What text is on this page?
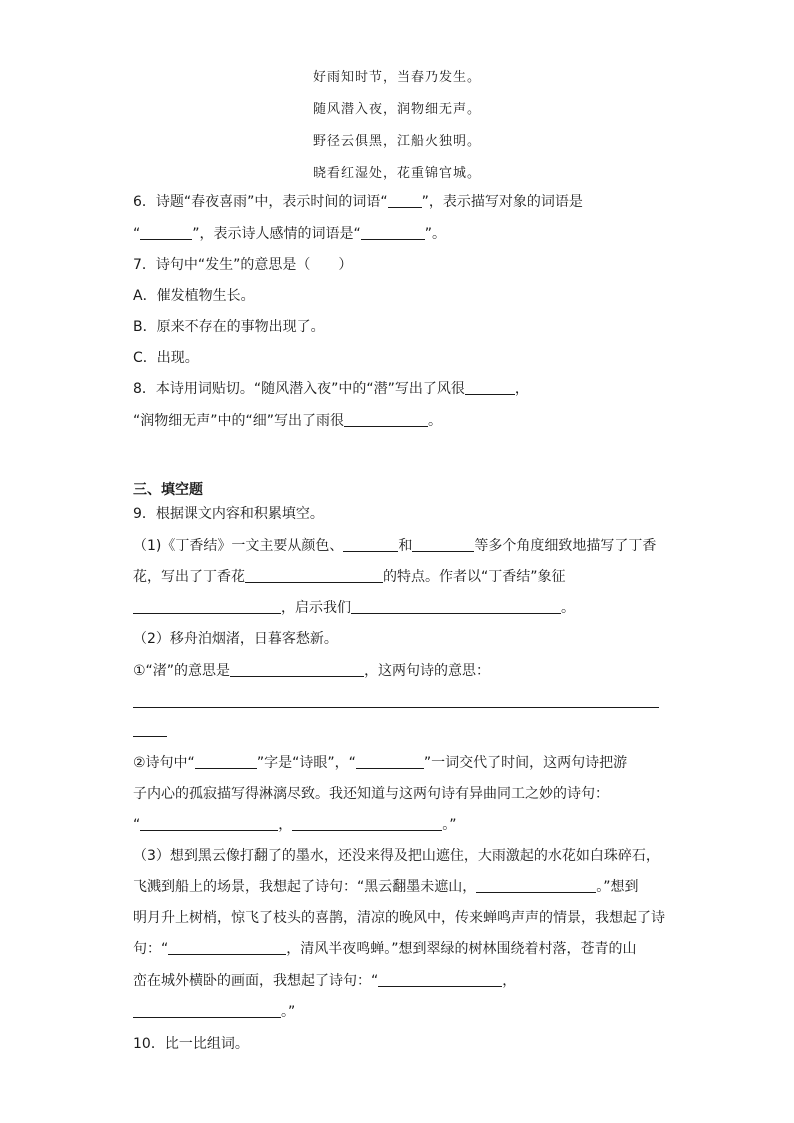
好雨知时节，当春乃发生。
随风潜入夜，润物细无声。
野径云俱黑，江船火独明。
晓看红湿处，花重锦官城。
6．诗题“春夜喜雨”中，表示时间的词语“ ”，表示描写对象的词语是
“	”，表示诗人感情的词语是“	”。
7．诗句中“发生”的意思是（　　）
A．催发植物生长。
B．原来不存在的事物出现了。
C．出现。
8．本诗用词贴切。“随风潜入夜”中的“潜”写出了风很	，
“润物细无声”中的“细”写出了雨很	。
三、填空题
9．根据课文内容和积累填空。
（1)《丁香结》一文主要从颜色、	和	等多个角度细致地描写了丁香
花，写出了丁香花	的特点。作者以“丁香结”象征
，启示我们	。
（2）移舟泊烟渚，日暮客愁新。
①“渚”的意思是	，这两句诗的意思：
②诗句中“	”字是“诗眼”，“	”一词交代了时间，这两句诗把游
子内心的孤寂描写得淋漓尽致。我还知道与这两句诗有异曲同工之妙的诗句：
“	，	。”
（3）想到黑云像打翻了的墨水，还没来得及把山遮住，大雨激起的水花如白珠碎石，
飞溅到船上的场景，我想起了诗句：“黑云翻墨未遮山，	。”想到
明月升上树梢，惊飞了枝头的喜鹊，清凉的晚风中，传来蝉鸣声声的情景，我想起了诗
句：“	，清风半夜鸣蝉。”想到翠绿的树林围绕着村落，苍青的山
峦在城外横卧的画面，我想起了诗句：“	，
。”
10．比一比组词。
